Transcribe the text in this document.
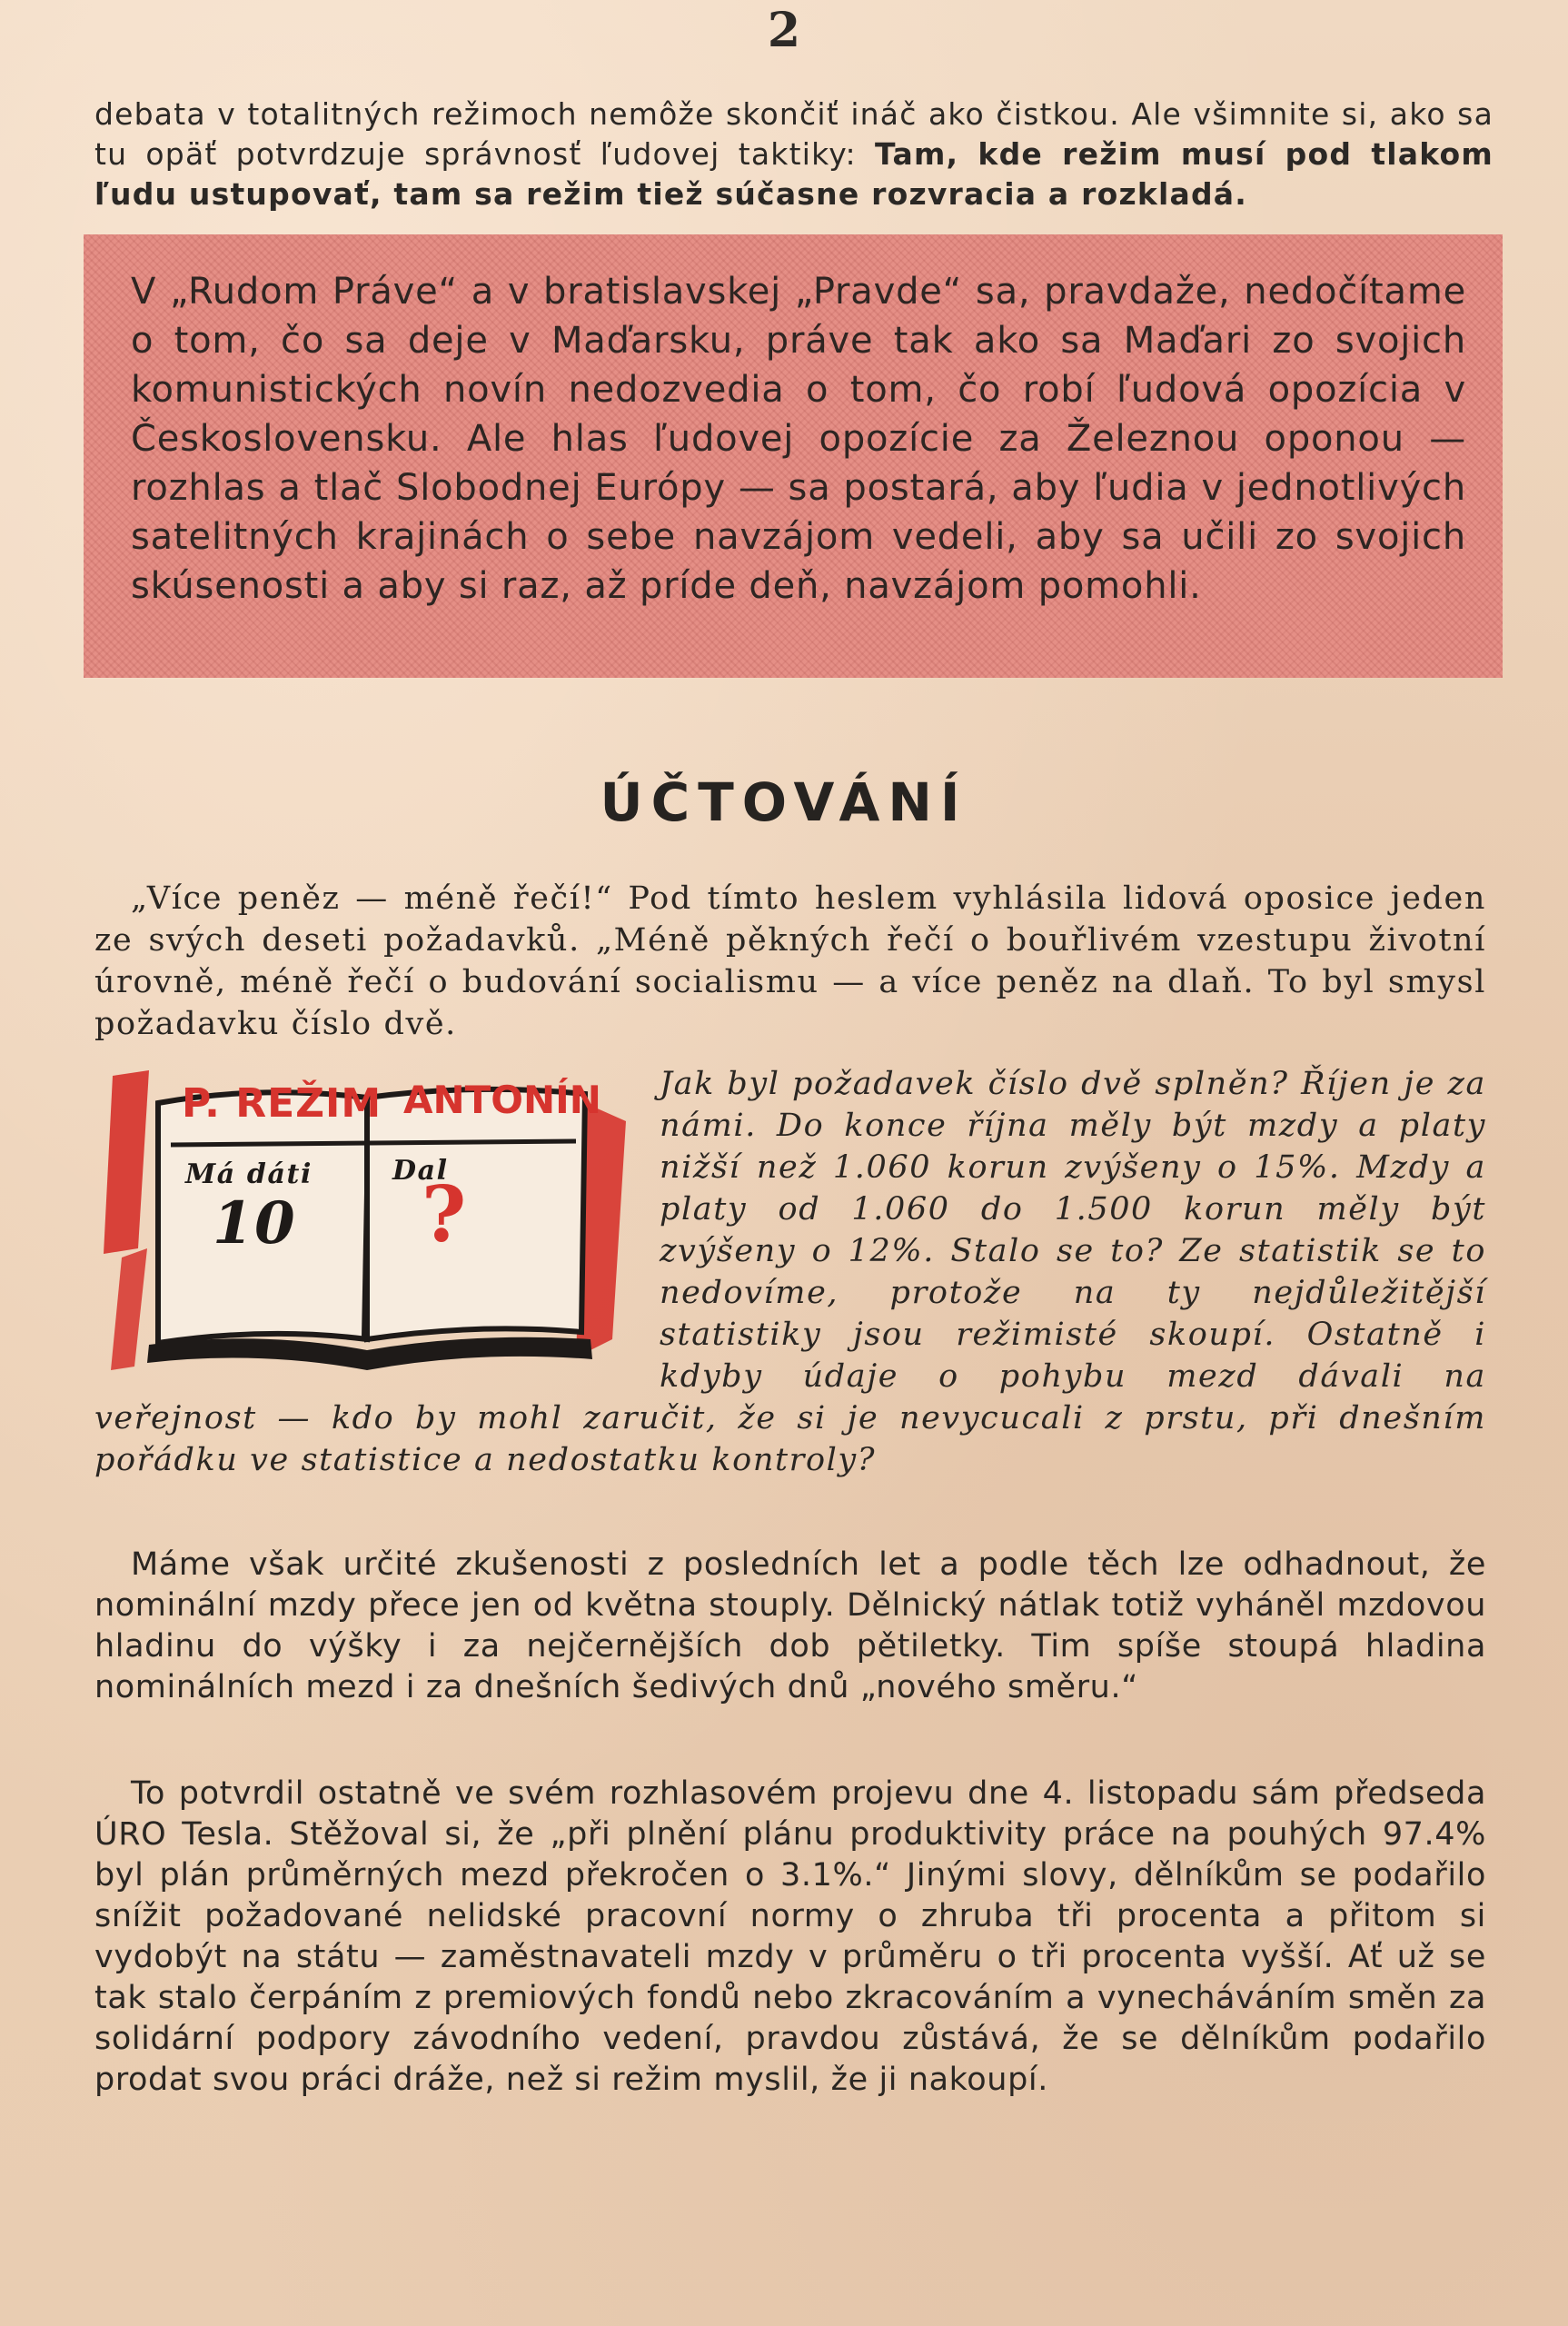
2
debata v totalitných režimoch nemôže skončiť ináč ako čistkou. Ale všimnite si, ako sa tu opäť potvrdzuje správnosť ľudovej taktiky: Tam, kde režim musí pod tlakom ľudu ustupovať, tam sa režim tiež súčasne rozvracia a rozkladá.
V „Rudom Práve“ a v bratislavskej „Pravde“ sa, pravdaže, nedočítame o tom, čo sa deje v Maďarsku, práve tak ako sa Maďari zo svojich komunistických novín nedozvedia o tom, čo robí ľudová opozícia v Československu. Ale hlas ľudovej opozície za Železnou oponou — rozhlas a tlač Slobodnej Európy — sa postará, aby ľudia v jednotlivých satelitných krajinách o sebe navzájom vedeli, aby sa učili zo svojich skúsenosti a aby si raz, až príde deň, navzájom pomohli.
ÚČTOVÁNÍ
„Více peněz — méně řečí!“ Pod tímto heslem vyhlásila lidová oposice jeden ze svých deseti požadavků. „Méně pěkných řečí o bouřlivém vzestupu životní úrovně, méně řečí o budování socialismu — a více peněz na dlaň. To byl smysl požadavku číslo dvě.
P. REŽIM ANTONÍN
Má dáti	Dal
10 ?
Jak byl požadavek číslo dvě splněn? Říjen je za námi. Do konce října měly být mzdy a platy nižší než 1.060 korun zvýšeny o 15%. Mzdy a platy od 1.060 do 1.500 korun měly být zvýšeny o 12%. Stalo se to? Ze statistik se to nedovíme, protože na ty nejdůležitější statistiky jsou režimisté skoupí. Ostatně i kdyby údaje o pohybu mezd dávali na veřejnost — kdo by mohl zaručit, že si je nevycucali z prstu, při dnešním pořádku ve statistice a nedostatku kontroly?
Máme však určité zkušenosti z posledních let a podle těch lze odhadnout, že nominální mzdy přece jen od května stouply. Dělnický nátlak totiž vyháněl mzdovou hladinu do výšky i za nejčernějších dob pětiletky. Tim spíše stoupá hladina nominálních mezd i za dnešních šedivých dnů „nového směru.“
To potvrdil ostatně ve svém rozhlasovém projevu dne 4. listopadu sám předseda ÚRO Tesla. Stěžoval si, že „při plnění plánu produktivity práce na pouhých 97.4% byl plán průměrných mezd překročen o 3.1%.“ Jinými slovy, dělníkům se podařilo snížit požadované nelidské pracovní normy o zhruba tři procenta a přitom si vydobýt na státu — zaměstnavateli mzdy v průměru o tři procenta vyšší. Ať už se tak stalo čerpáním z premiových fondů nebo zkracováním a vynecháváním směn za solidární podpory závodního vedení, pravdou zůstává, že se dělníkům podařilo prodat svou práci dráže, než si režim myslil, že ji nakoupí.
